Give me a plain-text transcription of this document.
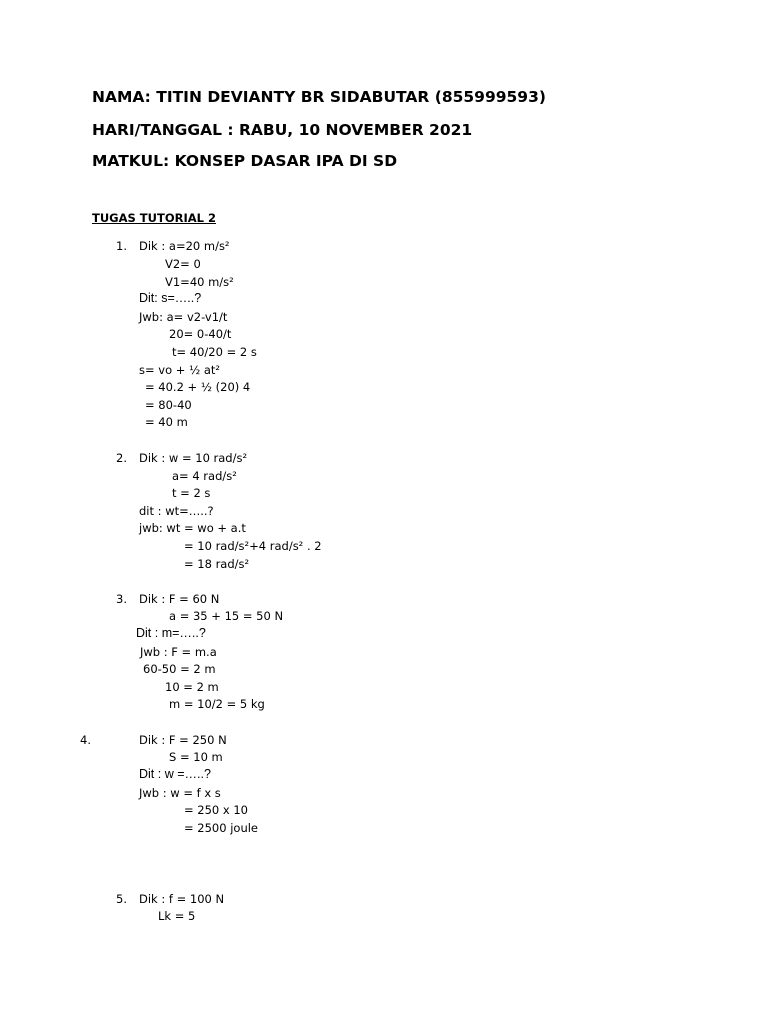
NAMA: TITIN DEVIANTY BR SIDABUTAR (855999593)
HARI/TANGGAL : RABU, 10 NOVEMBER 2021
MATKUL: KONSEP DASAR IPA DI SD
TUGAS TUTORIAL 2
1. Dik : a=20 m/s²
V2= 0
V1=40 m/s²
Dit: s=…..?
Jwb: a= v2-v1/t
20= 0-40/t
t= 40/20 = 2 s
s= vo + ½ at²
= 40.2 + ½ (20) 4
= 80-40
= 40 m
2. Dik : w = 10 rad/s²
a= 4 rad/s²
t = 2 s
dit : wt=…..?
jwb: wt = wo + a.t
= 10 rad/s²+4 rad/s² . 2
= 18 rad/s²
3. Dik : F = 60 N
a = 35 + 15 = 50 N
Dit : m=…..?
Jwb : F = m.a
60-50 = 2 m
10 = 2 m
m = 10/2 = 5 kg
4.	Dik : F = 250 N
S = 10 m
Dit : w =…..?
Jwb : w = f x s
= 250 x 10
= 2500 joule
5. Dik : f = 100 N
Lk = 5
